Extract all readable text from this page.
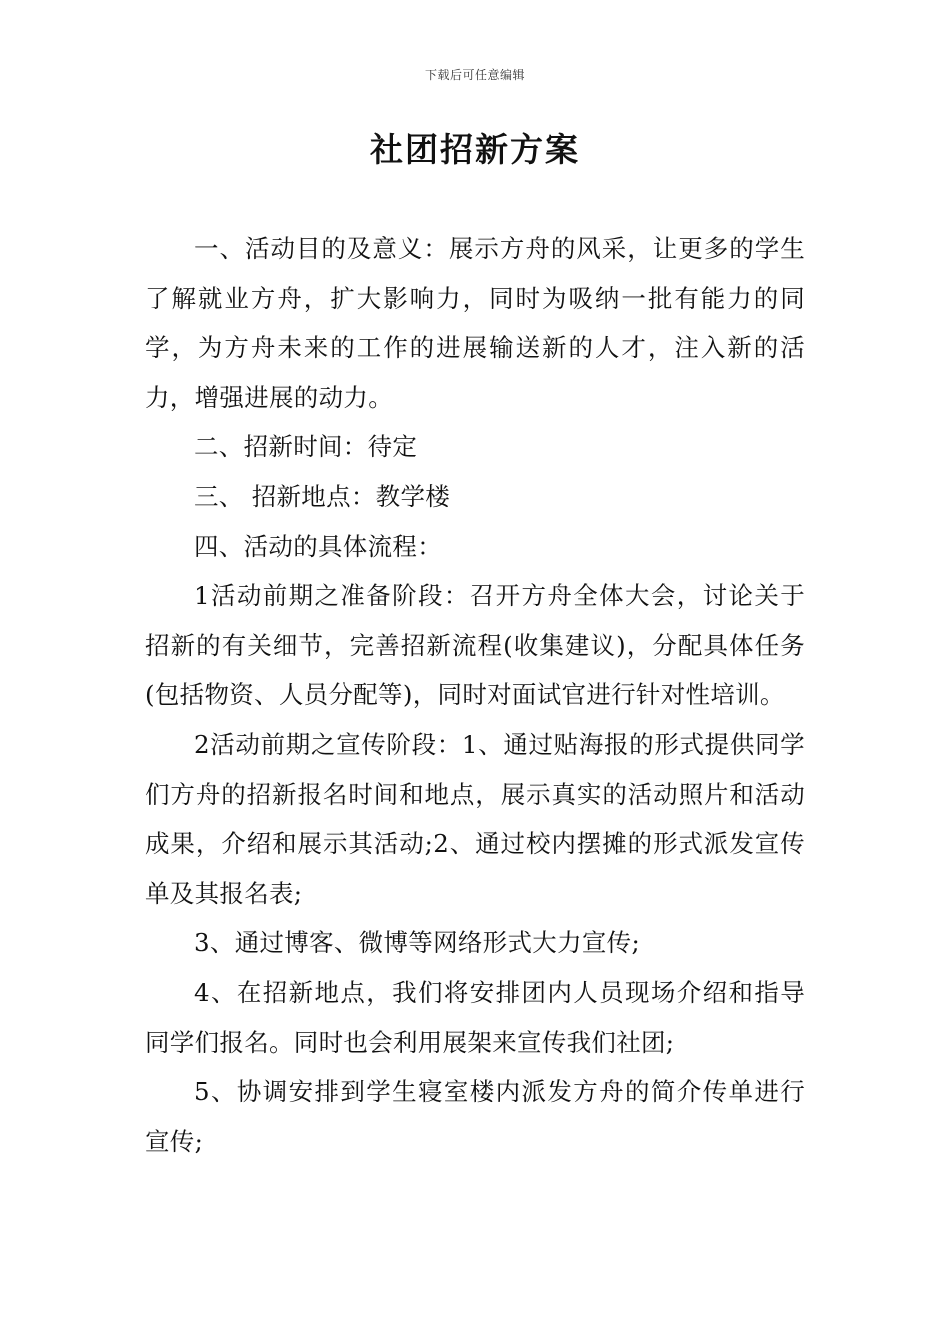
下载后可任意编辑
社团招新方案

一、活动目的及意义：展示方舟的风采，让更多的学生了解就业方舟，扩大影响力，同时为吸纳一批有能力的同学，为方舟未来的工作的进展输送新的人才，注入新的活力，增强进展的动力。

二、招新时间：待定

三、 招新地点：教学楼

四、活动的具体流程：

1活动前期之准备阶段：召开方舟全体大会，讨论关于招新的有关细节，完善招新流程(收集建议)，分配具体任务(包括物资、人员分配等)，同时对面试官进行针对性培训。

2活动前期之宣传阶段：1、通过贴海报的形式提供同学们方舟的招新报名时间和地点，展示真实的活动照片和活动成果，介绍和展示其活动;2、通过校内摆摊的形式派发宣传单及其报名表;

3、通过博客、微博等网络形式大力宣传;

4、在招新地点，我们将安排团内人员现场介绍和指导同学们报名。同时也会利用展架来宣传我们社团;

5、协调安排到学生寝室楼内派发方舟的简介传单进行宣传;
